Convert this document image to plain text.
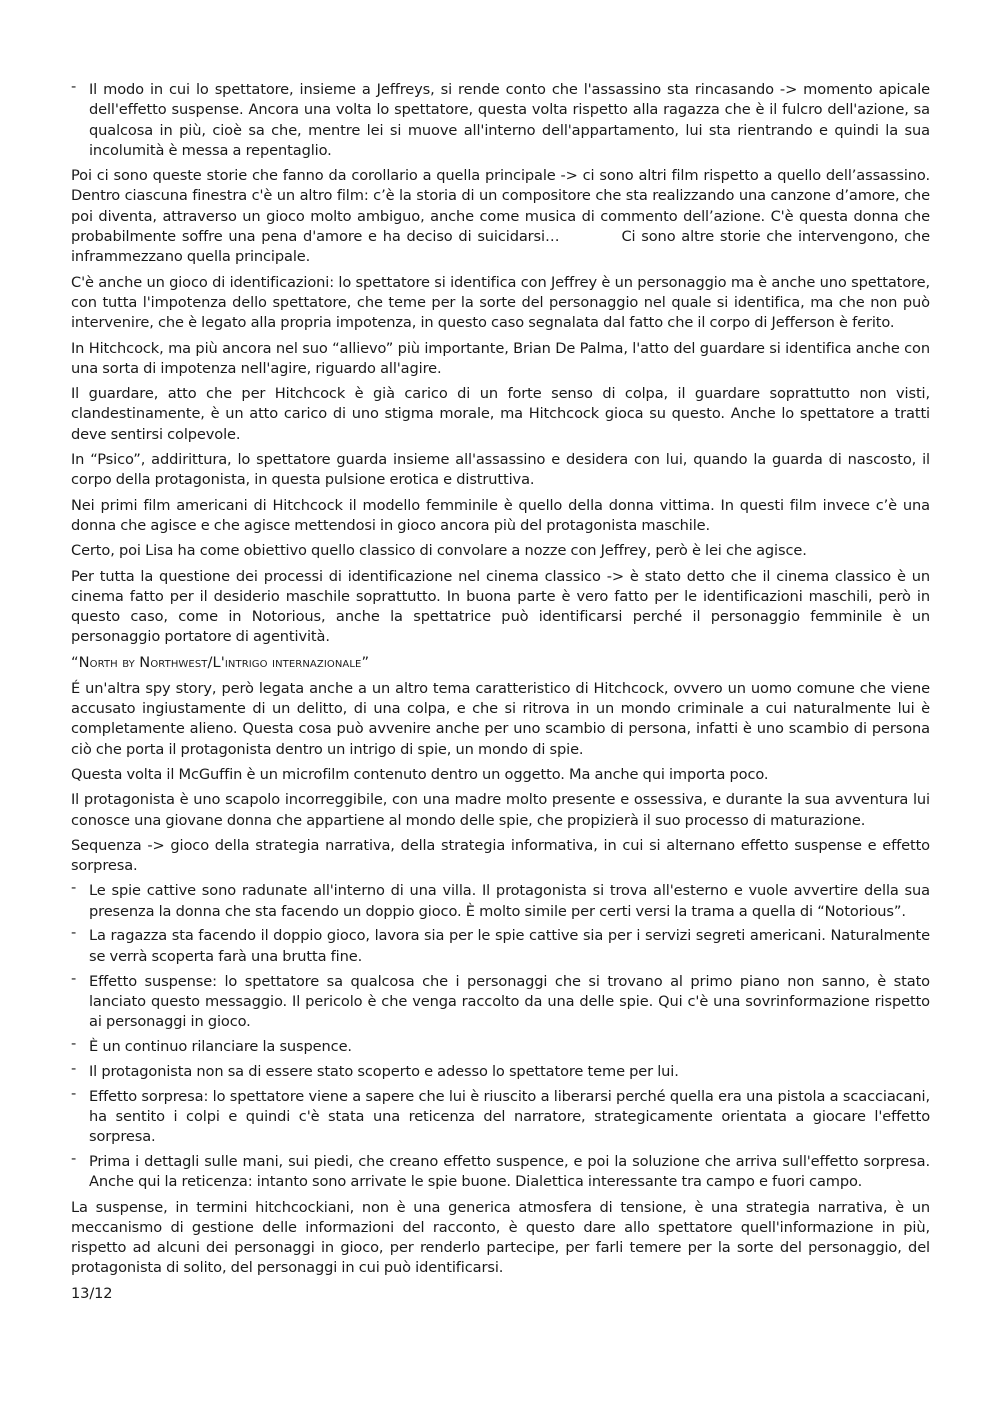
- Il modo in cui lo spettatore, insieme a Jeffreys, si rende conto che l'assassino sta rincasando -> momento apicale dell'effetto suspense. Ancora una volta lo spettatore, questa volta rispetto alla ragazza che è il fulcro dell'azione, sa qualcosa in più, cioè sa che, mentre lei si muove all'interno dell'appartamento, lui sta rientrando e quindi la sua incolumità è messa a repentaglio.

Poi ci sono queste storie che fanno da corollario a quella principale -> ci sono altri film rispetto a quello dell’assassino. Dentro ciascuna finestra c'è un altro film: c’è la storia di un compositore che sta realizzando una canzone d’amore, che poi diventa, attraverso un gioco molto ambiguo, anche come musica di commento dell’azione. C'è questa donna che probabilmente soffre una pena d'amore e ha deciso di suicidarsi…	Ci sono altre storie che intervengono, che inframmezzano quella principale.

C'è anche un gioco di identificazioni: lo spettatore si identifica con Jeffrey è un personaggio ma è anche uno spettatore, con tutta l'impotenza dello spettatore, che teme per la sorte del personaggio nel quale si identifica, ma che non può intervenire, che è legato alla propria impotenza, in questo caso segnalata dal fatto che il corpo di Jefferson è ferito.

In Hitchcock, ma più ancora nel suo “allievo” più importante, Brian De Palma, l'atto del guardare si identifica anche con una sorta di impotenza nell'agire, riguardo all'agire.

Il guardare, atto che per Hitchcock è già carico di un forte senso di colpa, il guardare soprattutto non visti, clandestinamente, è un atto carico di uno stigma morale, ma Hitchcock gioca su questo. Anche lo spettatore a tratti deve sentirsi colpevole.

In “Psico”, addirittura, lo spettatore guarda insieme all'assassino e desidera con lui, quando la guarda di nascosto, il corpo della protagonista, in questa pulsione erotica e distruttiva.

Nei primi film americani di Hitchcock il modello femminile è quello della donna vittima. In questi film invece c’è una donna che agisce e che agisce mettendosi in gioco ancora più del protagonista maschile.

Certo, poi Lisa ha come obiettivo quello classico di convolare a nozze con Jeffrey, però è lei che agisce.

Per tutta la questione dei processi di identificazione nel cinema classico -> è stato detto che il cinema classico è un cinema fatto per il desiderio maschile soprattutto. In buona parte è vero fatto per le identificazioni maschili, però in questo caso, come in Notorious, anche la spettatrice può identificarsi perché il personaggio femminile è un personaggio portatore di agentività.

“North by Northwest/L'intrigo internazionale”

É un'altra spy story, però legata anche a un altro tema caratteristico di Hitchcock, ovvero un uomo comune che viene accusato ingiustamente di un delitto, di una colpa, e che si ritrova in un mondo criminale a cui naturalmente lui è completamente alieno. Questa cosa può avvenire anche per uno scambio di persona, infatti è uno scambio di persona ciò che porta il protagonista dentro un intrigo di spie, un mondo di spie.

Questa volta il McGuffin è un microfilm contenuto dentro un oggetto. Ma anche qui importa poco.

Il protagonista è uno scapolo incorreggibile, con una madre molto presente e ossessiva, e durante la sua avventura lui conosce una giovane donna che appartiene al mondo delle spie, che propizierà il suo processo di maturazione.

Sequenza -> gioco della strategia narrativa, della strategia informativa, in cui si alternano effetto suspense e effetto sorpresa.

- Le spie cattive sono radunate all'interno di una villa. Il protagonista si trova all'esterno e vuole avvertire della sua presenza la donna che sta facendo un doppio gioco. È molto simile per certi versi la trama a quella di “Notorious”.
- La ragazza sta facendo il doppio gioco, lavora sia per le spie cattive sia per i servizi segreti americani. Naturalmente se verrà scoperta farà una brutta fine.
- Effetto suspense: lo spettatore sa qualcosa che i personaggi che si trovano al primo piano non sanno, è stato lanciato questo messaggio. Il pericolo è che venga raccolto da una delle spie. Qui c'è una sovrinformazione rispetto ai personaggi in gioco.
- È un continuo rilanciare la suspence.
- Il protagonista non sa di essere stato scoperto e adesso lo spettatore teme per lui.
- Effetto sorpresa: lo spettatore viene a sapere che lui è riuscito a liberarsi perché quella era una pistola a scacciacani, ha sentito i colpi e quindi c'è stata una reticenza del narratore, strategicamente orientata a giocare l'effetto sorpresa.
- Prima i dettagli sulle mani, sui piedi, che creano effetto suspence, e poi la soluzione che arriva sull'effetto sorpresa. Anche qui la reticenza: intanto sono arrivate le spie buone. Dialettica interessante tra campo e fuori campo.

La suspense, in termini hitchcockiani, non è una generica atmosfera di tensione, è una strategia narrativa, è un meccanismo di gestione delle informazioni del racconto, è questo dare allo spettatore quell'informazione in più, rispetto ad alcuni dei personaggi in gioco, per renderlo partecipe, per farli temere per la sorte del personaggio, del protagonista di solito, del personaggi in cui può identificarsi.

13/12
